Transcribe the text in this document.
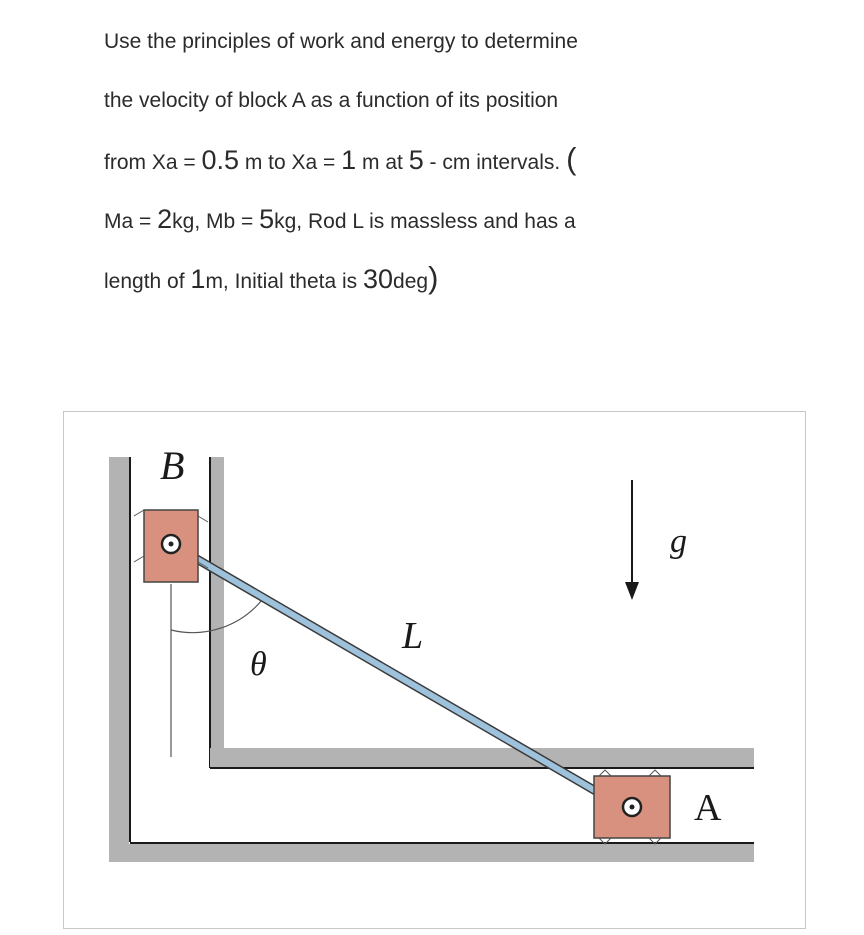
Use the principles of work and energy to determine
the velocity of block A as a function of its position
from Xa = 0.5 m to Xa = 1 m at 5 - cm intervals. (
Ma = 2kg, Mb = 5kg, Rod L is massless and has a
length of 1m, Initial theta is 30deg)
B
A
L
θ
g
